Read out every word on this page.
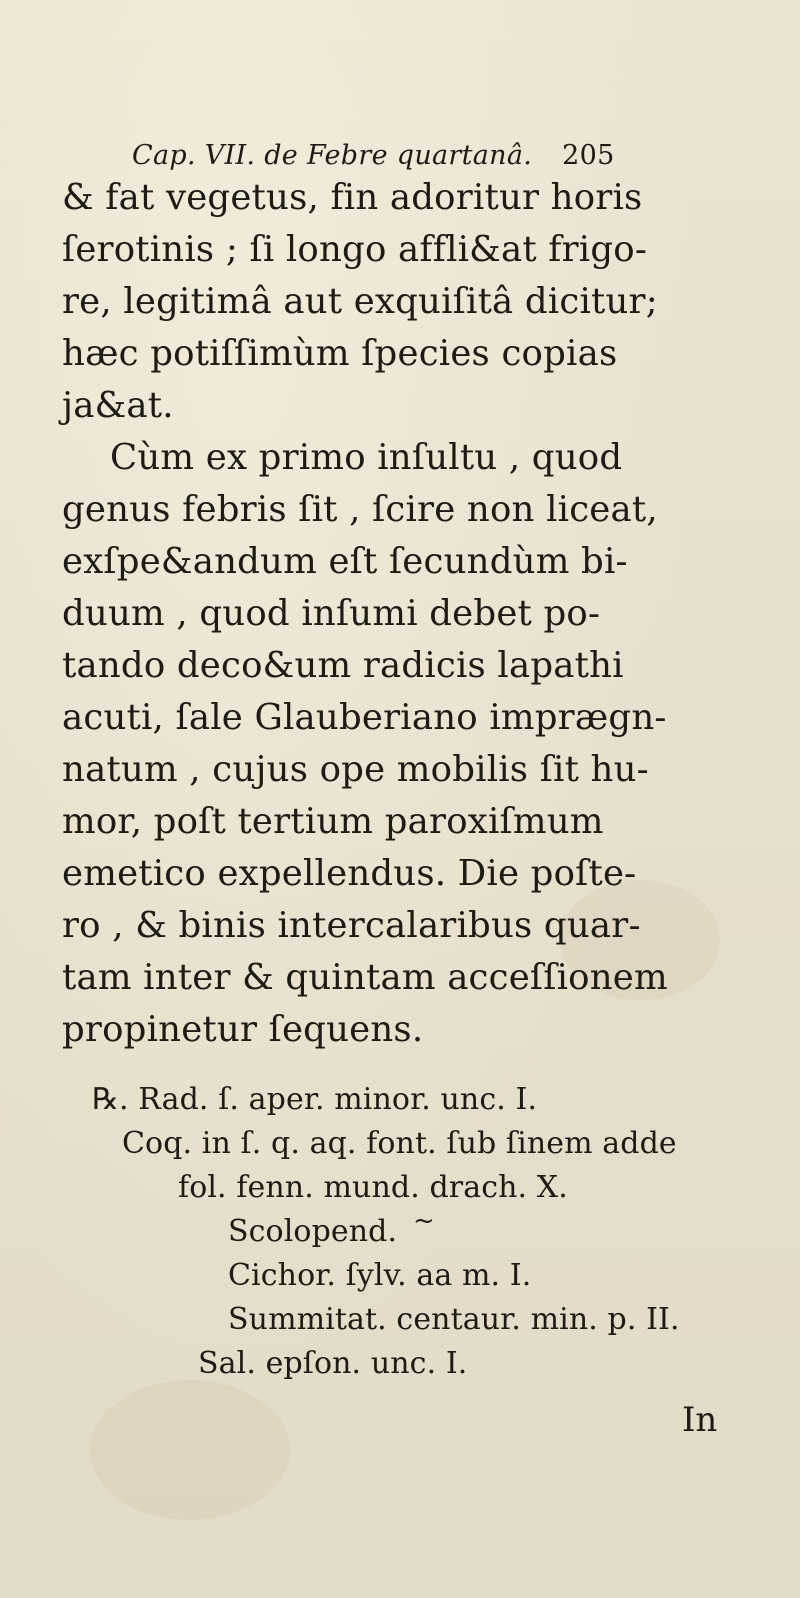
Cap. VII. de Febre quartanâ. 205
& fat vegetus, fin adoritur horis
ſerotinis ; ſi longo affli&at frigo-
re, legitimâ aut exquiſitâ dicitur;
hæc potiſſimùm ſpecies copias
ja&at.
Cùm ex primo inſultu , quod
genus febris ſit , ſcire non liceat,
exſpe&andum eſt ſecundùm bi-
duum , quod inſumi debet po-
tando deco&um radicis lapathi
acuti, ſale Glauberiano imprægn-
natum , cujus ope mobilis ſit hu-
mor, poſt tertium paroxiſmum
emetico expellendus. Die poſte-
ro , & binis intercalaribus quar-
tam inter & quintam acceſſionem
propinetur ſequens.
℞. Rad. ſ. aper. minor. unc. I.
Coq. in ſ. q. aq. font. ſub ſinem adde
fol. fenn. mund. drach. X.
Scolopend. ~
Cichor. ſylv. aa m. I.
Summitat. centaur. min. p. II.
Sal. epſon. unc. I.
In
